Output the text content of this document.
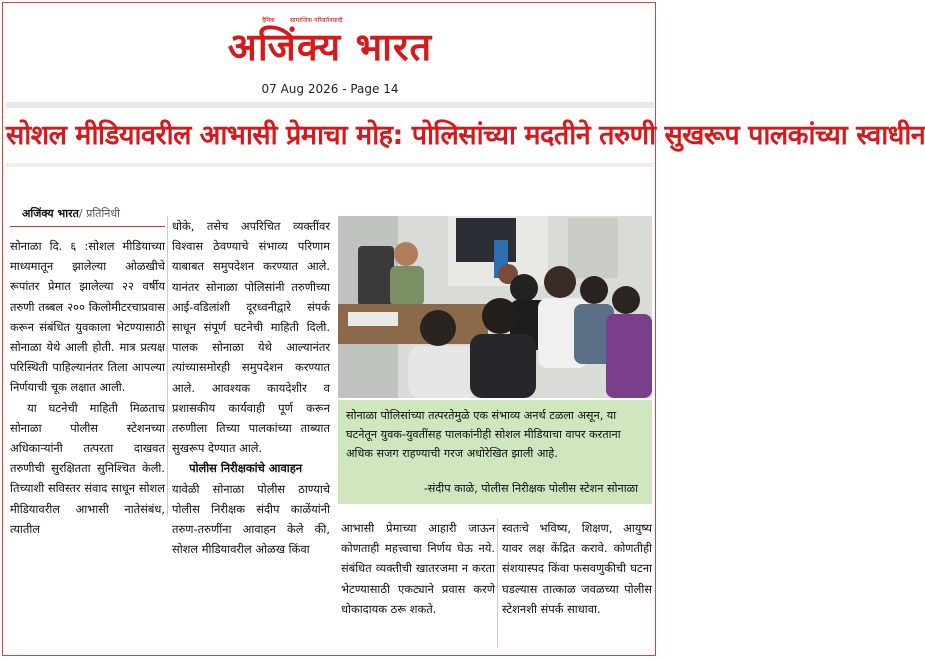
दैनिक	सामाजिक परिवर्तनवादी
अजिंक्य भारत
07 Aug 2026 - Page 14
सोशल मीडियावरील आभासी प्रेमाचा मोह: पोलिसांच्या मदतीने तरुणी सुखरूप पालकांच्या स्वाधीन
अजिंक्य भारत/ प्रतिनिधी

सोनाळा दि. ६ :सोशल मीडियाच्या माध्यमातून झालेल्या ओळखीचे रूपांतर प्रेमात झालेल्या २२ वर्षीय तरुणी तब्बल २०० किलोमीटरचाप्रवास करून संबंधित युवकाला भेटण्यासाठी सोनाळा येथे आली होती. मात्र प्रत्यक्ष परिस्थिती पाहिल्यानंतर तिला आपल्या निर्णयाची चूक लक्षात आली.

या घटनेची माहिती मिळताच सोनाळा पोलीस स्टेशनच्या अधिकाऱ्यांनी तत्परता दाखवत तरुणीची सुरक्षितता सुनिश्चित केली. तिच्याशी सविस्तर संवाद साधून सोशल मीडियावरील आभासी नातेसंबंध, त्यातील

धोके, तसेच अपरिचित व्यक्तींवर विश्वास ठेवण्याचे संभाव्य परिणाम याबाबत समुपदेशन करण्यात आले. यानंतर सोनाळा पोलिसांनी तरुणीच्या आई-वडिलांशी दूरध्वनीद्वारे संपर्क साधून संपूर्ण घटनेची माहिती दिली. पालक सोनाळा येथे आल्यानंतर त्यांच्यासमोरही समुपदेशन करण्यात आले. आवश्यक कायदेशीर व प्रशासकीय कार्यवाही पूर्ण करून तरुणीला तिच्या पालकांच्या ताब्यात सुखरूप देण्यात आले.

पोलीस निरीक्षकांचे आवाहन

यावेळी सोनाळा पोलीस ठाण्याचे पोलीस निरीक्षक संदीप काळेंयांनी तरुण-तरुणींना आवाहन केले की, सोशल मीडियावरील ओळख किंवा

सोनाळा पोलिसांच्या तत्परतेमुळे एक संभाव्य अनर्थ टळला असून, या घटनेतून युवक-युवतींसह पालकांनीही सोशल मीडियाचा वापर करताना अधिक सजग राहण्याची गरज अधोरेखित झाली आहे.
-संदीप काळे, पोलीस निरीक्षक पोलीस स्टेशन सोनाळा

आभासी प्रेमाच्या आहारी जाऊन कोणताही महत्त्वाचा निर्णय घेऊ नये. संबंधित व्यक्तीची खातरजमा न करता भेटण्यासाठी एकट्याने प्रवास करणे धोकादायक ठरू शकते.

स्वतःचे भविष्य, शिक्षण, आयुष्य यावर लक्ष केंद्रित करावे. कोणतीही संशयास्पद किंवा फसवणुकीची घटना घडल्यास तात्काळ जवळच्या पोलीस स्टेशनशी संपर्क साधावा.
